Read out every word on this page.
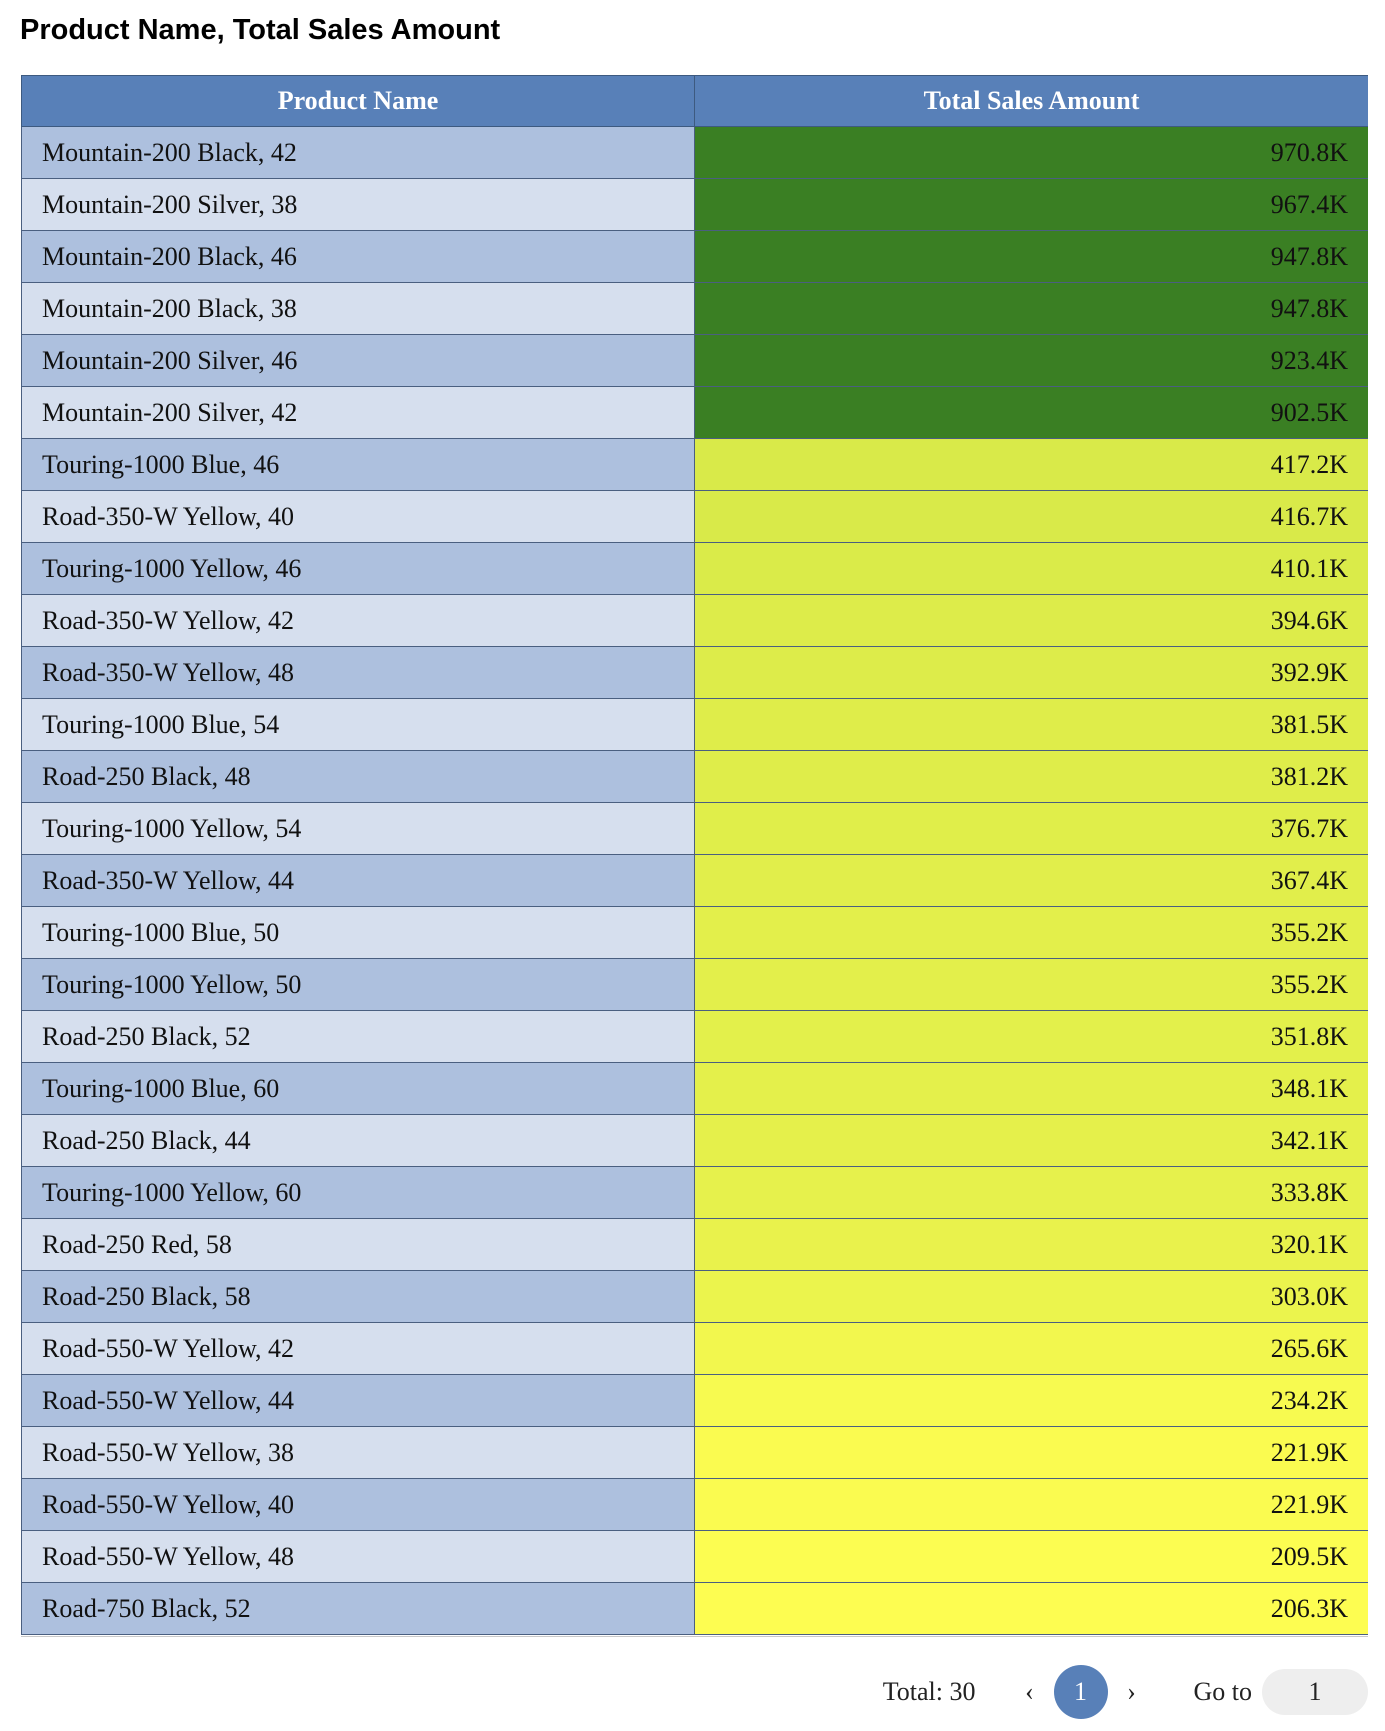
Product Name, Total Sales Amount
Product Name	Total Sales Amount
Mountain-200 Black, 42	970.8K
Mountain-200 Silver, 38	967.4K
Mountain-200 Black, 46	947.8K
Mountain-200 Black, 38	947.8K
Mountain-200 Silver, 46	923.4K
Mountain-200 Silver, 42	902.5K
Touring-1000 Blue, 46	417.2K
Road-350-W Yellow, 40	416.7K
Touring-1000 Yellow, 46	410.1K
Road-350-W Yellow, 42	394.6K
Road-350-W Yellow, 48	392.9K
Touring-1000 Blue, 54	381.5K
Road-250 Black, 48	381.2K
Touring-1000 Yellow, 54	376.7K
Road-350-W Yellow, 44	367.4K
Touring-1000 Blue, 50	355.2K
Touring-1000 Yellow, 50	355.2K
Road-250 Black, 52	351.8K
Touring-1000 Blue, 60	348.1K
Road-250 Black, 44	342.1K
Touring-1000 Yellow, 60	333.8K
Road-250 Red, 58	320.1K
Road-250 Black, 58	303.0K
Road-550-W Yellow, 42	265.6K
Road-550-W Yellow, 44	234.2K
Road-550-W Yellow, 38	221.9K
Road-550-W Yellow, 40	221.9K
Road-550-W Yellow, 48	209.5K
Road-750 Black, 52	206.3K
Total: 30	‹	1	›	Go to
1
